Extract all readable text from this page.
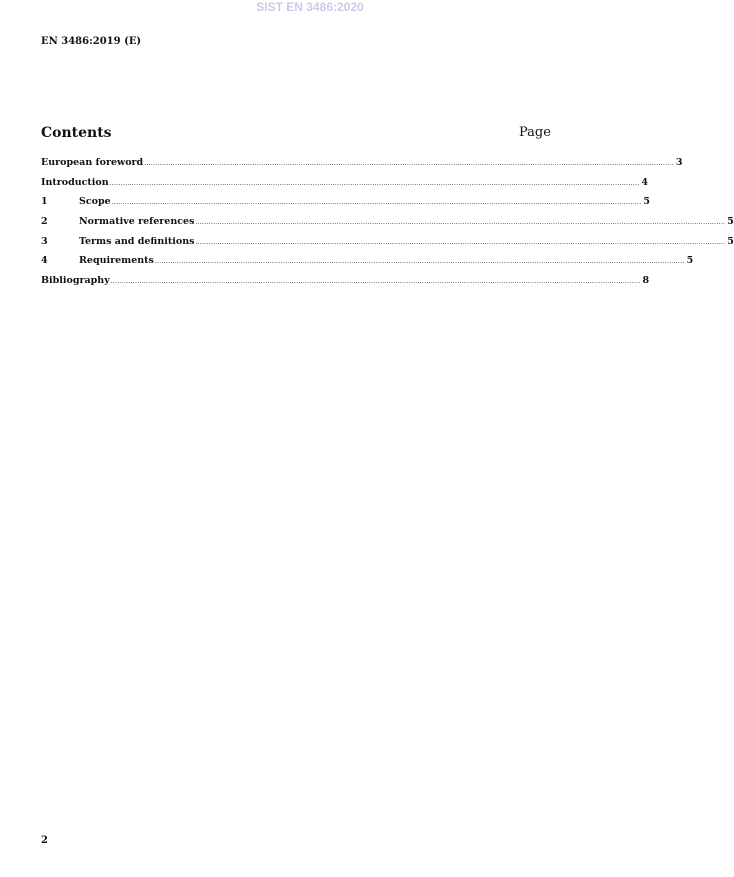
SIST EN 3486:2020
EN 3486:2019 (E)
Contents	Page
European foreword ................................................................................................................................................................................................................................................ 3
Introduction ................................................................................................................................................................................................................................................ 4
1	Scope ................................................................................................................................................................................................................................................ 5
2	Normative references ................................................................................................................................................................................................................................................ 5
3	Terms and definitions ................................................................................................................................................................................................................................................ 5
4	Requirements ................................................................................................................................................................................................................................................ 5
Bibliography ................................................................................................................................................................................................................................................ 8
2
